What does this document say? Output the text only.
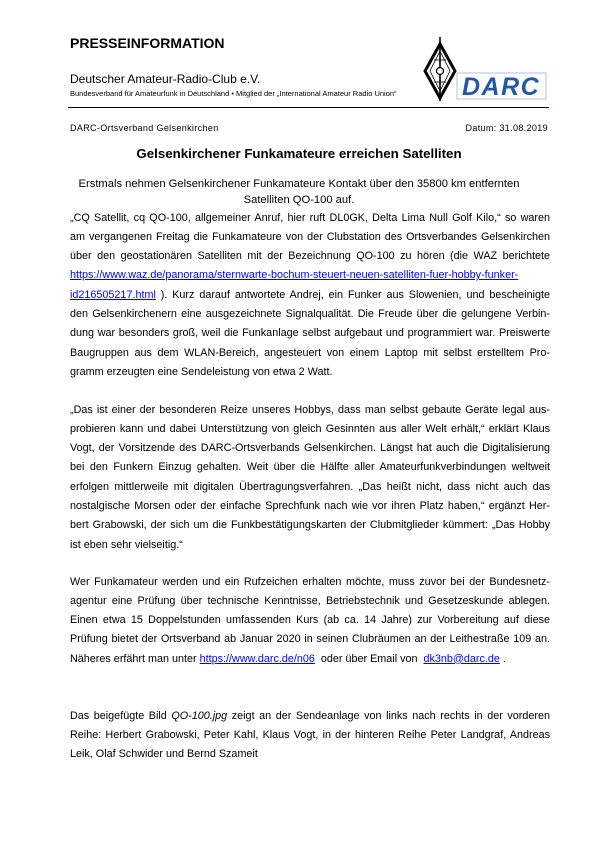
PRESSEINFORMATION
Deutscher Amateur-Radio-Club e.V.
Bundesverband für Amateurfunk in Deutschland • Mitglied der „International Amateur Radio Union“	DARC
DARC-Ortsverband Gelsenkirchen	Datum: 31.08.2019
Gelsenkirchener Funkamateure erreichen Satelliten
Erstmals nehmen Gelsenkirchener Funkamateure Kontakt über den 35800 km entfernten
Satelliten QO-100 auf.
„CQ Satellit, cq QO-100, allgemeiner Anruf, hier ruft DL0GK, Delta Lima Null Golf Kilo,“ so waren
am vergangenen Freitag die Funkamateure von der Clubstation des Ortsverbandes Gelsenkirchen
über den geostationären Satelliten mit der Bezeichnung QO-100 zu hören (die WAZ berichtete
https://www.waz.de/panorama/sternwarte-bochum-steuert-neuen-satelliten-fuer-hobby-funker-
id216505217.html ). Kurz darauf antwortete Andrej, ein Funker aus Slowenien, und bescheinigte
den Gelsenkirchenern eine ausgezeichnete Signalqualität. Die Freude über die gelungene Verbin-
dung war besonders groß, weil die Funkanlage selbst aufgebaut und programmiert war. Preiswerte
Baugruppen aus dem WLAN-Bereich, angesteuert von einem Laptop mit selbst erstelltem Pro-
gramm erzeugten eine Sendeleistung von etwa 2 Watt.
„Das ist einer der besonderen Reize unseres Hobbys, dass man selbst gebaute Geräte legal aus-
probieren kann und dabei Unterstützung von gleich Gesinnten aus aller Welt erhält,“ erklärt Klaus
Vogt, der Vorsitzende des DARC-Ortsverbands Gelsenkirchen. Längst hat auch die Digitalisierung
bei den Funkern Einzug gehalten. Weit über die Hälfte aller Amateurfunkverbindungen weltweit
erfolgen mittlerweile mit digitalen Übertragungsverfahren. „Das heißt nicht, dass nicht auch das
nostalgische Morsen oder der einfache Sprechfunk nach wie vor ihren Platz haben,“ ergänzt Her-
bert Grabowski, der sich um die Funkbestätigungskarten der Clubmitglieder kümmert: „Das Hobby
ist eben sehr vielseitig.“
Wer Funkamateur werden und ein Rufzeichen erhalten möchte, muss zuvor bei der Bundesnetz-
agentur eine Prüfung über technische Kenntnisse, Betriebstechnik und Gesetzeskunde ablegen.
Einen etwa 15 Doppelstunden umfassenden Kurs (ab ca. 14 Jahre) zur Vorbereitung auf diese
Prüfung bietet der Ortsverband ab Januar 2020 in seinen Clubräumen an der Leithestraße 109 an.
Näheres erfährt man unter https://www.darc.de/n06  oder über Email von  dk3nb@darc.de .
Das beigefügte Bild QO-100.jpg zeigt an der Sendeanlage von links nach rechts in der vorderen
Reihe: Herbert Grabowski, Peter Kahl, Klaus Vogt, in der hinteren Reihe Peter Landgraf, Andreas
Leik, Olaf Schwider und Bernd Szameit
